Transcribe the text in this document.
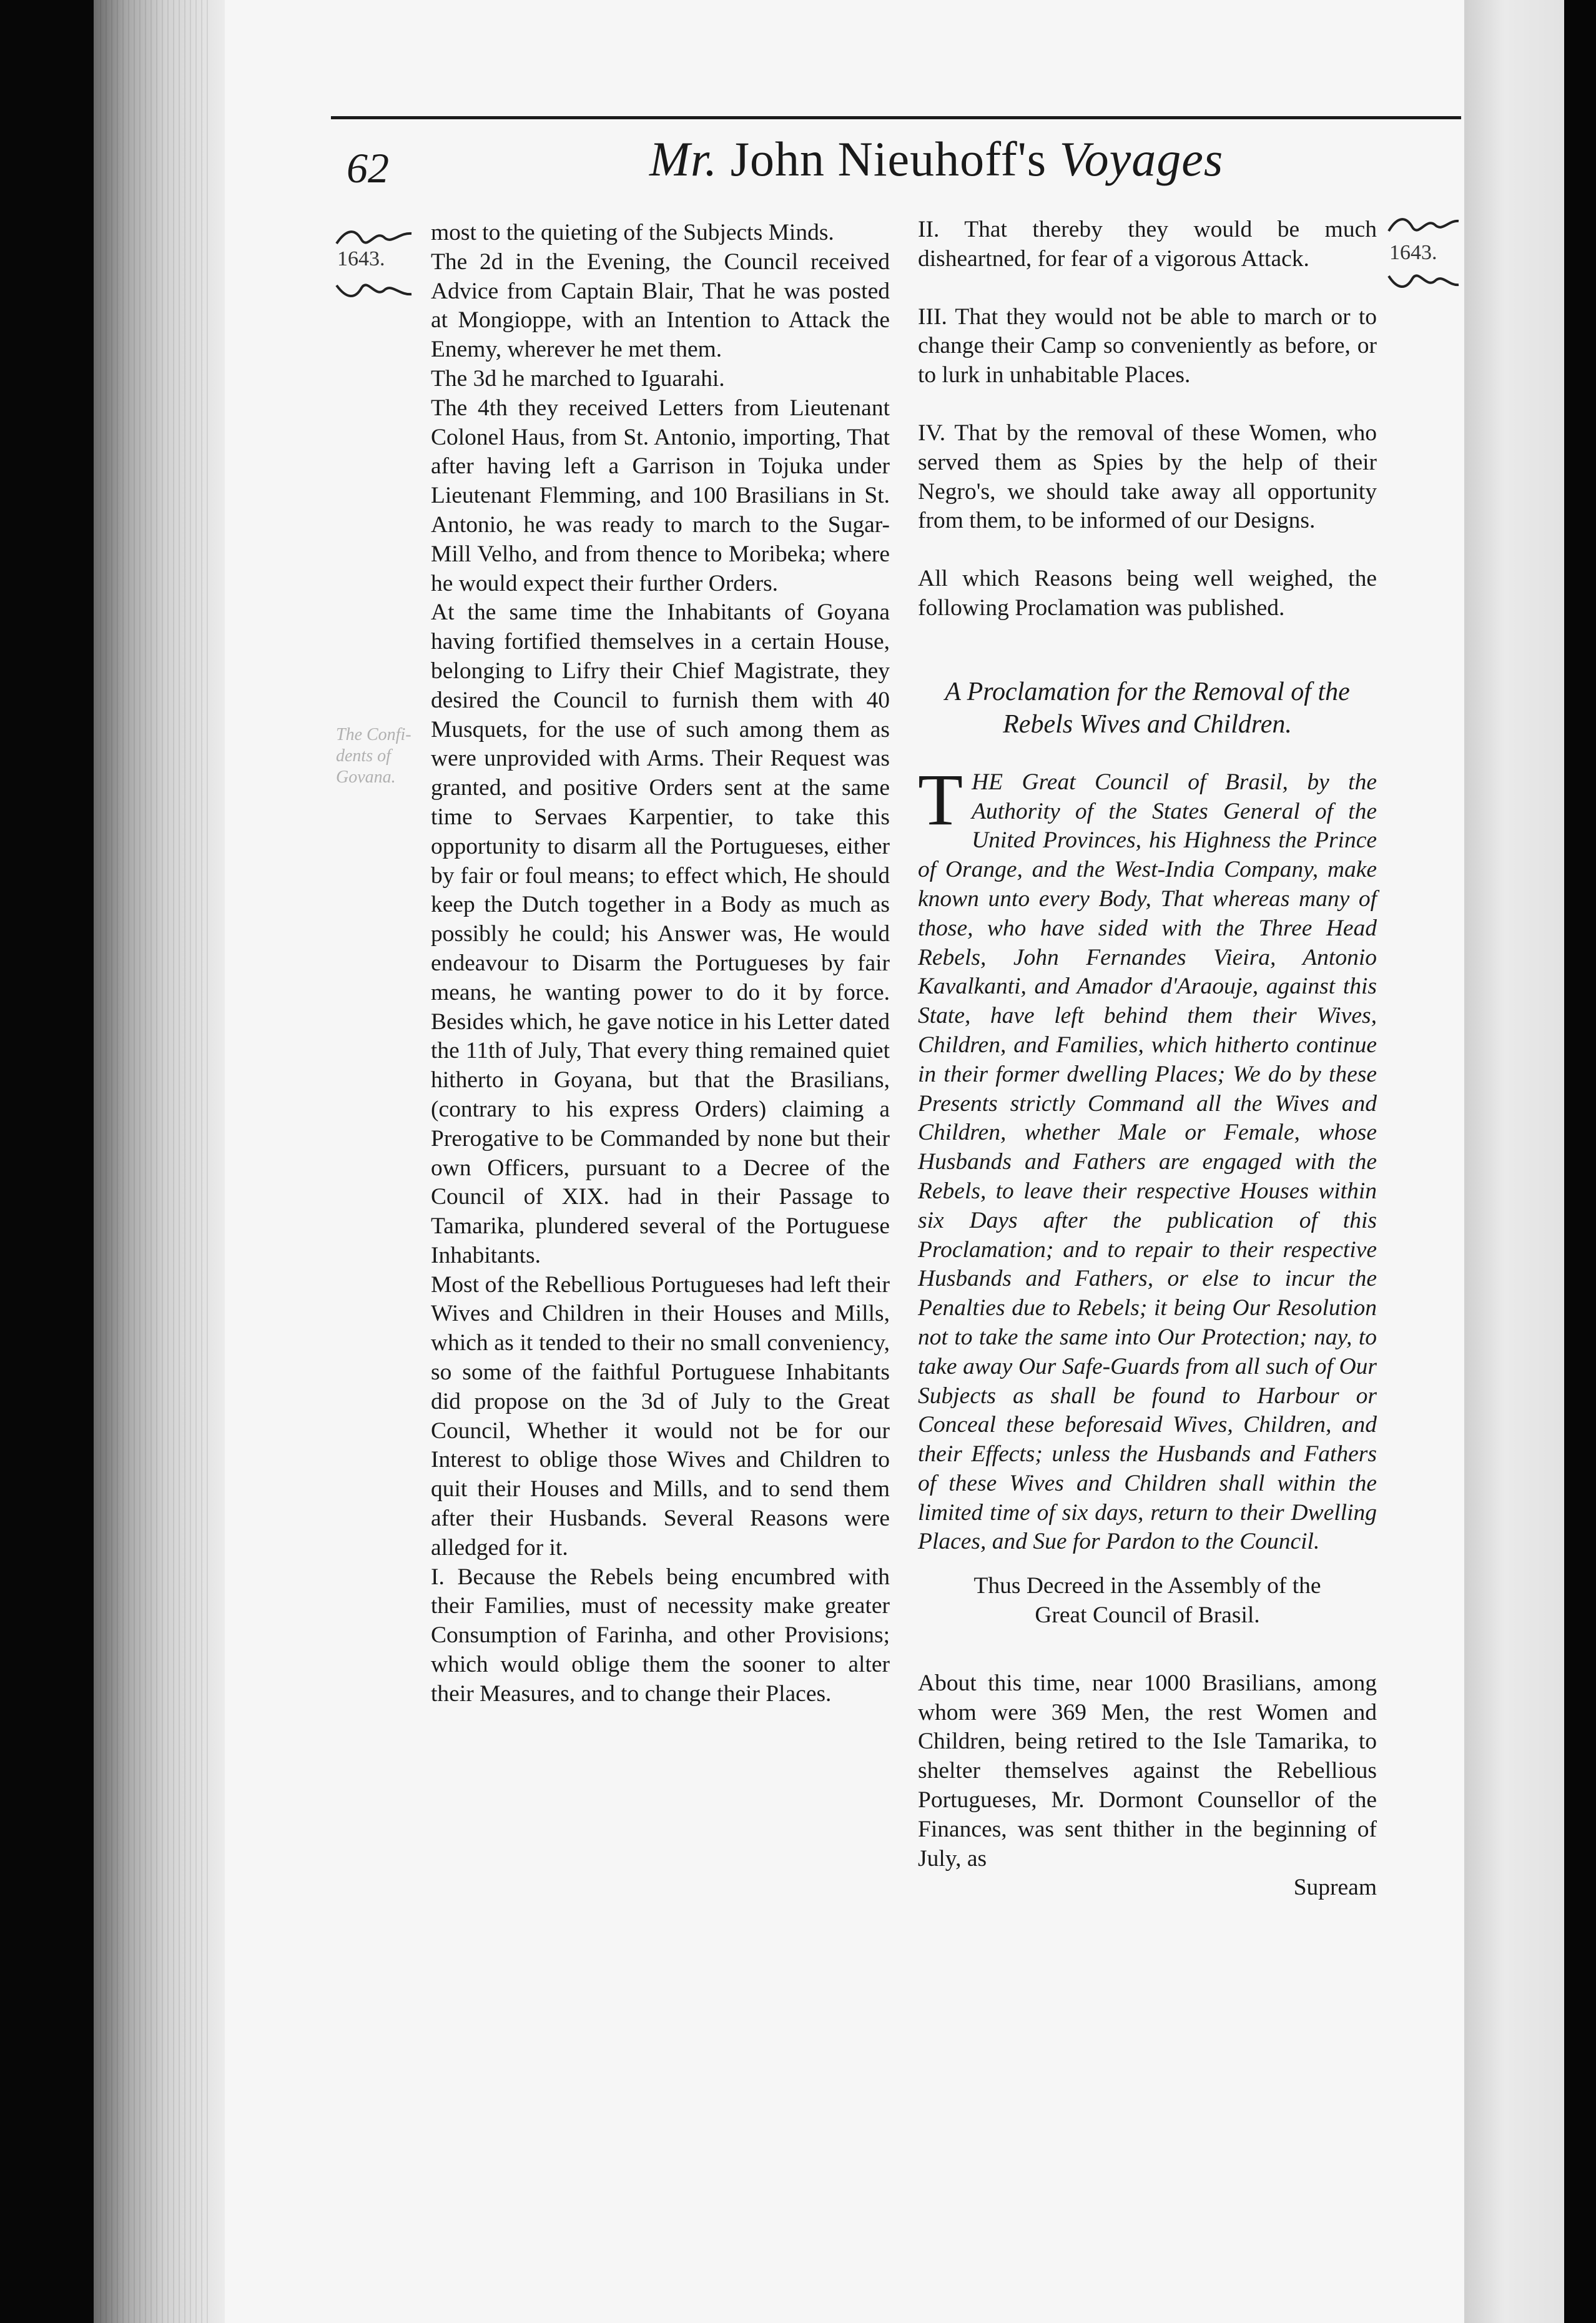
62	Mr. John Nieuhoff's Voyages
1643.	1643.
The Confi-
dents of
Govana.

most to the quieting of the Subjects Minds.

The 2d in the Evening, the Council received Advice from Captain Blair, That he was posted at Mongioppe, with an Intention to Attack the Enemy, wherever he met them.

The 3d he marched to Iguarahi.

The 4th they received Letters from Lieutenant Colonel Haus, from St. Antonio, importing, That after having left a Garrison in Tojuka under Lieutenant Flemming, and 100 Brasilians in St. Antonio, he was ready to march to the Sugar-Mill Velho, and from thence to Moribeka; where he would expect their further Orders.

At the same time the Inhabitants of Goyana having fortified themselves in a certain House, belonging to Lifry their Chief Magistrate, they desired the Council to furnish them with 40 Musquets, for the use of such among them as were unprovided with Arms. Their Request was granted, and positive Orders sent at the same time to Servaes Karpentier, to take this opportunity to disarm all the Portugueses, either by fair or foul means; to effect which, He should keep the Dutch together in a Body as much as possibly he could; his Answer was, He would endeavour to Disarm the Portugueses by fair means, he wanting power to do it by force. Besides which, he gave notice in his Letter dated the 11th of July, That every thing remained quiet hitherto in Goyana, but that the Brasilians, (contrary to his express Orders) claiming a Prerogative to be Commanded by none but their own Officers, pursuant to a Decree of the Council of XIX. had in their Passage to Tamarika, plundered several of the Portuguese Inhabitants.

Most of the Rebellious Portugueses had left their Wives and Children in their Houses and Mills, which as it tended to their no small conveniency, so some of the faithful Portuguese Inhabitants did propose on the 3d of July to the Great Council, Whether it would not be for our Interest to oblige those Wives and Children to quit their Houses and Mills, and to send them after their Husbands. Several Reasons were alledged for it.

I. Because the Rebels being encumbred with their Families, must of necessity make greater Consumption of Farinha, and other Provisions; which would oblige them the sooner to alter their Measures, and to change their Places.

II. That thereby they would be much disheartned, for fear of a vigorous Attack.

III. That they would not be able to march or to change their Camp so conveniently as before, or to lurk in unhabitable Places.

IV. That by the removal of these Women, who served them as Spies by the help of their Negro's, we should take away all opportunity from them, to be informed of our Designs.

All which Reasons being well weighed, the following Proclamation was published.

A Proclamation for the Removal of the Rebels Wives and Children.

THE Great Council of Brasil, by the Authority of the States General of the United Provinces, his Highness the Prince of Orange, and the West-India Company, make known unto every Body, That whereas many of those, who have sided with the Three Head Rebels, John Fernandes Vieira, Antonio Kavalkanti, and Amador d'Araouje, against this State, have left behind them their Wives, Children, and Families, which hitherto continue in their former dwelling Places; We do by these Presents strictly Command all the Wives and Children, whether Male or Female, whose Husbands and Fathers are engaged with the Rebels, to leave their respective Houses within six Days after the publication of this Proclamation; and to repair to their respective Husbands and Fathers, or else to incur the Penalties due to Rebels; it being Our Resolution not to take the same into Our Protection; nay, to take away Our Safe-Guards from all such of Our Subjects as shall be found to Harbour or Conceal these beforesaid Wives, Children, and their Effects; unless the Husbands and Fathers of these Wives and Children shall within the limited time of six days, return to their Dwelling Places, and Sue for Pardon to the Council.

Thus Decreed in the Assembly of the
Great Council of Brasil.

About this time, near 1000 Brasilians, among whom were 369 Men, the rest Women and Children, being retired to the Isle Tamarika, to shelter themselves against the Rebellious Portugueses, Mr. Dormont Counsellor of the Finances, was sent thither in the beginning of July, as

Supream
